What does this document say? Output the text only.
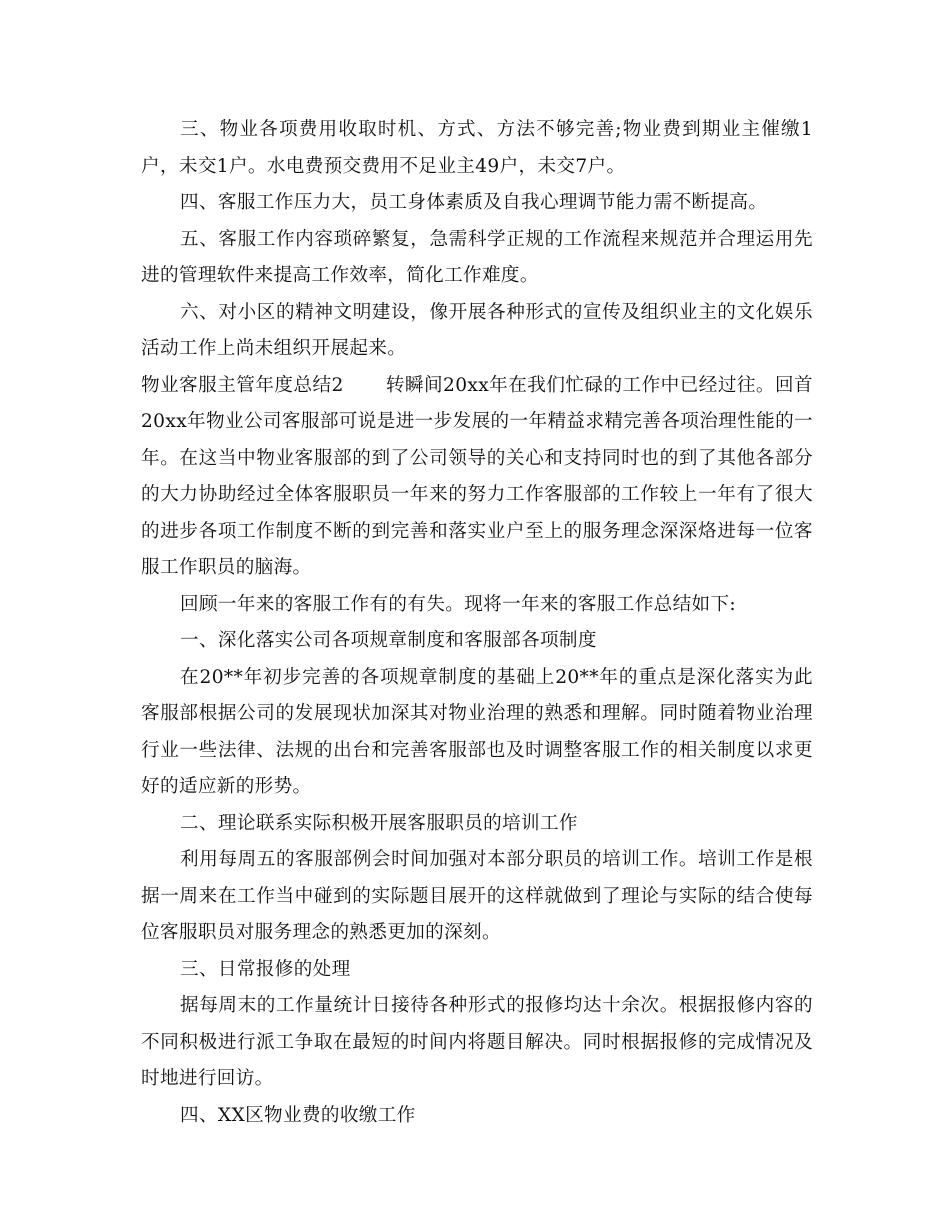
三、物业各项费用收取时机、方式、方法不够完善;物业费到期业主催缴1户，未交1户。水电费预交费用不足业主49户，未交7户。

四、客服工作压力大，员工身体素质及自我心理调节能力需不断提高。

五、客服工作内容琐碎繁复，急需科学正规的工作流程来规范并合理运用先进的管理软件来提高工作效率，简化工作难度。

六、对小区的精神文明建设，像开展各种形式的宣传及组织业主的文化娱乐活动工作上尚未组织开展起来。

物业客服主管年度总结2 转瞬间20xx年在我们忙碌的工作中已经过往。回首20xx年物业公司客服部可说是进一步发展的一年精益求精完善各项治理性能的一年。在这当中物业客服部的到了公司领导的关心和支持同时也的到了其他各部分的大力协助经过全体客服职员一年来的努力工作客服部的工作较上一年有了很大的进步各项工作制度不断的到完善和落实业户至上的服务理念深深烙进每一位客服工作职员的脑海。

回顾一年来的客服工作有的有失。现将一年来的客服工作总结如下:

一、深化落实公司各项规章制度和客服部各项制度

在20**年初步完善的各项规章制度的基础上20**年的重点是深化落实为此客服部根据公司的发展现状加深其对物业治理的熟悉和理解。同时随着物业治理行业一些法律、法规的出台和完善客服部也及时调整客服工作的相关制度以求更好的适应新的形势。

二、理论联系实际积极开展客服职员的培训工作

利用每周五的客服部例会时间加强对本部分职员的培训工作。培训工作是根据一周来在工作当中碰到的实际题目展开的这样就做到了理论与实际的结合使每位客服职员对服务理念的熟悉更加的深刻。

三、日常报修的处理

据每周末的工作量统计日接待各种形式的报修均达十余次。根据报修内容的不同积极进行派工争取在最短的时间内将题目解决。同时根据报修的完成情况及时地进行回访。

四、XX区物业费的收缴工作
